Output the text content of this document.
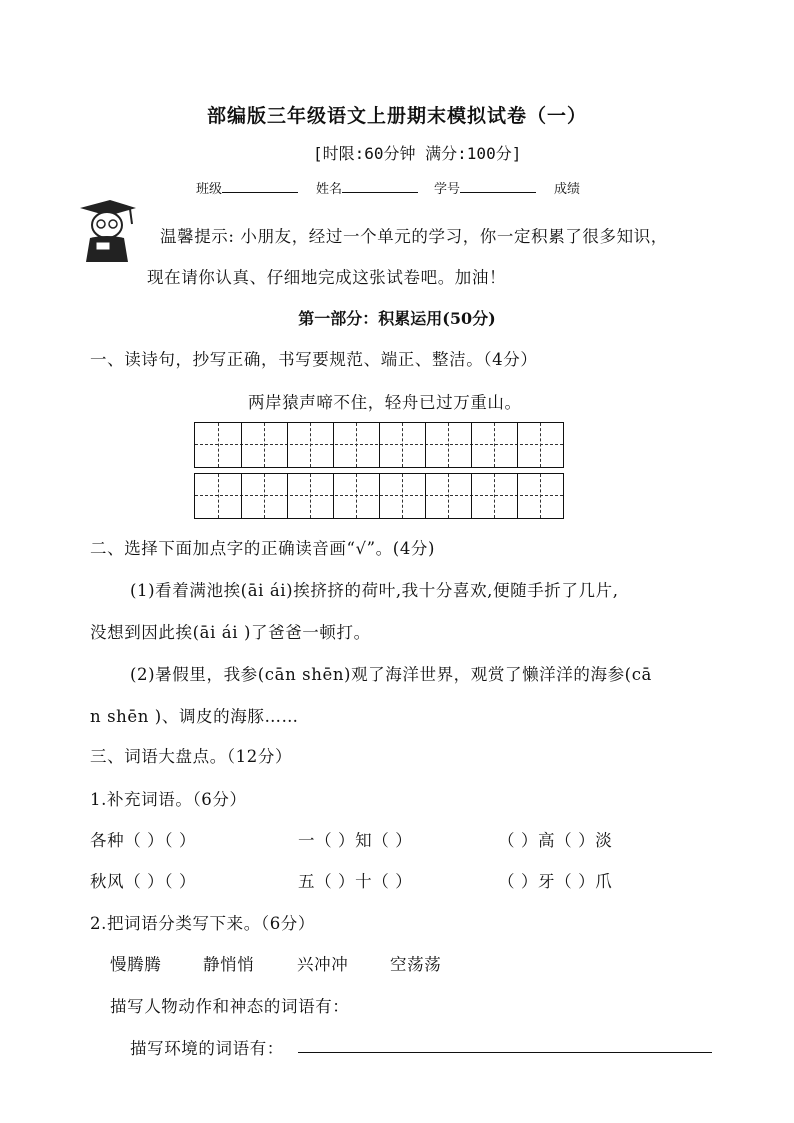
部编版三年级语文上册期末模拟试卷（一）
[时限:60分钟 满分:100分]
班级	姓名	学号	成绩
温馨提示: 小朋友，经过一个单元的学习，你一定积累了很多知识，
现在请你认真、仔细地完成这张试卷吧。加油！
第一部分：积累运用(50分)
一、读诗句，抄写正确，书写要规范、端正、整洁。（4分）
两岸猿声啼不住，轻舟已过万重山。
二、选择下面加点字的正确读音画“√”。(4分)
(1)看着满池挨(āi ái)挨挤挤的荷叶,我十分喜欢,便随手折了几片,
没想到因此挨(āi ái )了爸爸一顿打。
(2)暑假里，我参(cān shēn)观了海洋世界，观赏了懒洋洋的海参(cā
n shēn )、调皮的海豚……
三、词语大盘点。（12分）
1.补充词语。（6分）
各种（ ）（ ）	一（ ）知（ ）	（ ）高（ ）淡
秋风（ ）（ ）	五（ ）十（ ）	（ ）牙（ ）爪
2.把词语分类写下来。（6分）
慢腾腾	静悄悄	兴冲冲	空荡荡
描写人物动作和神态的词语有：
描写环境的词语有：
